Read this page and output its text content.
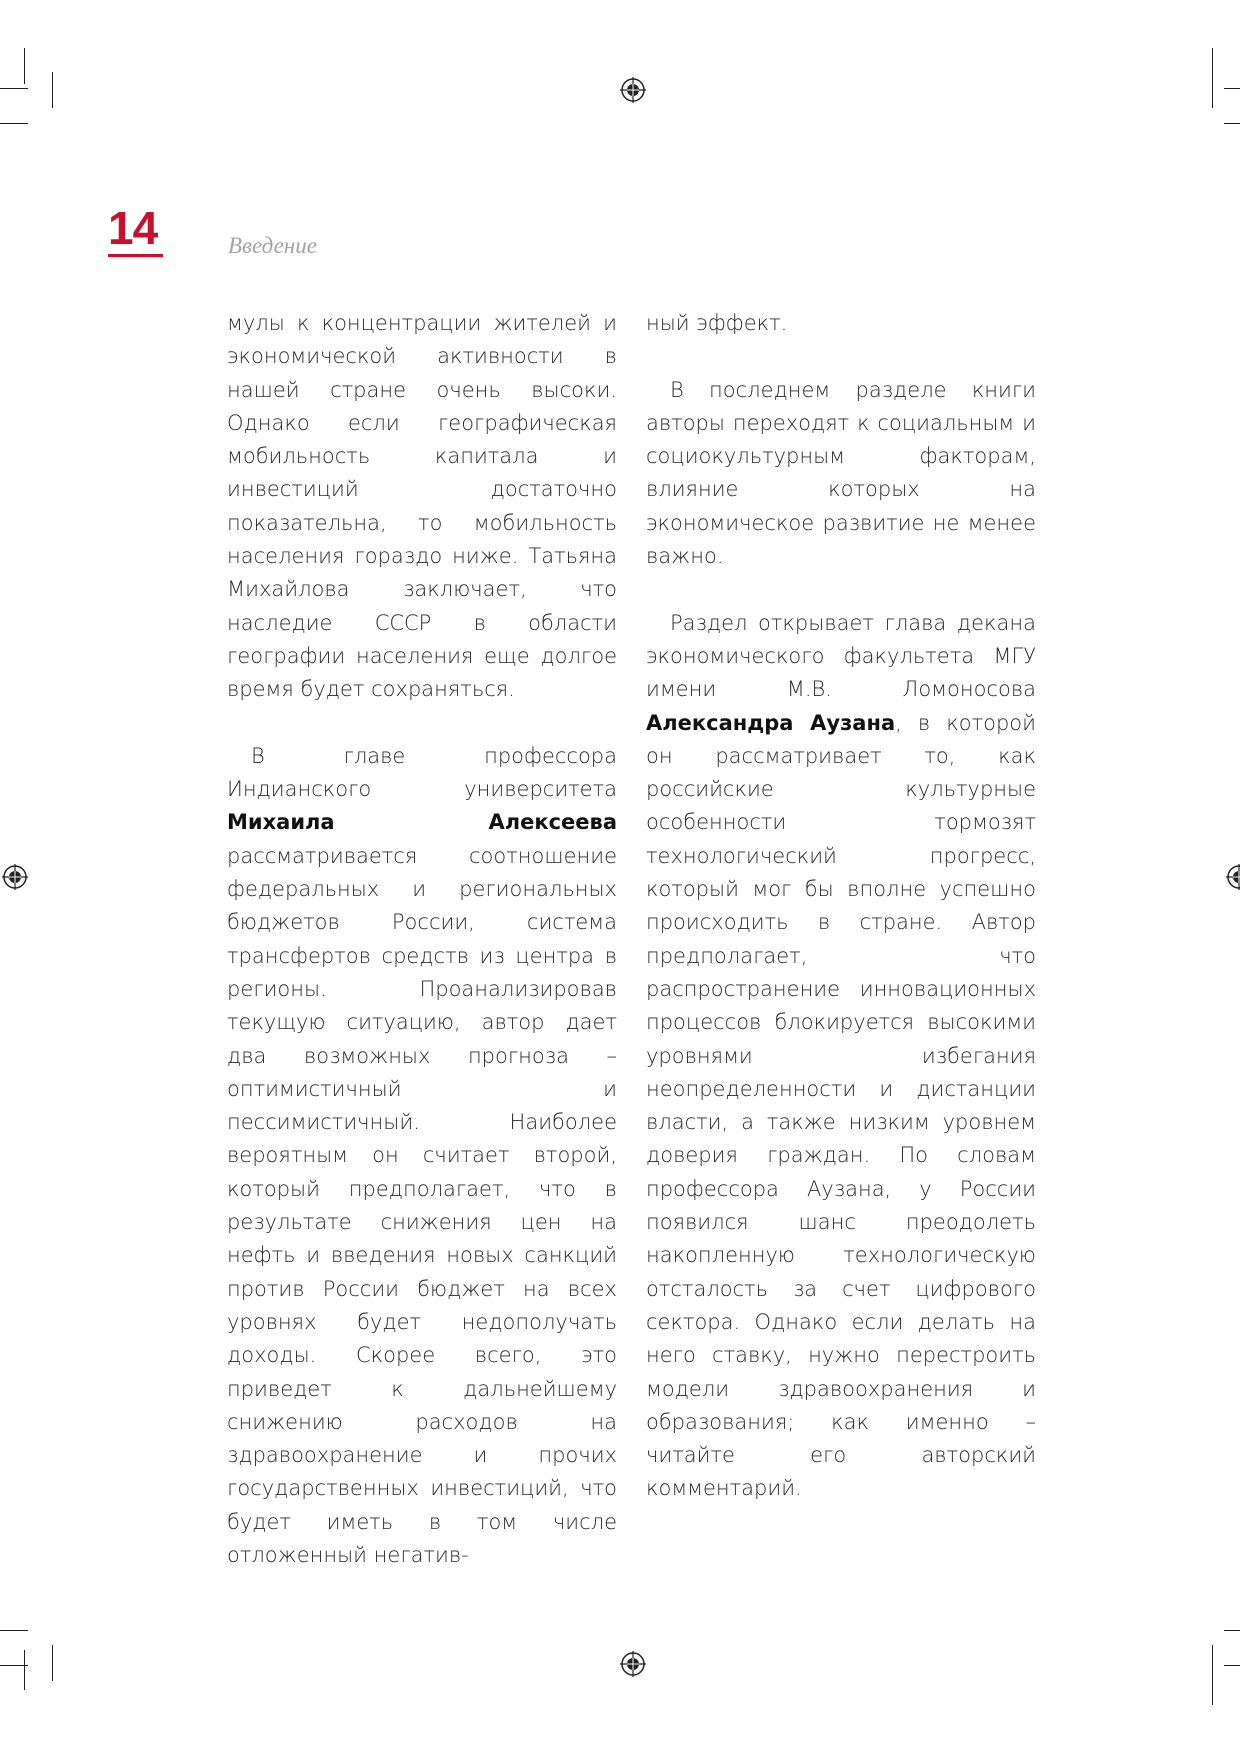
14	Введение

мулы к концентрации жителей и экономической активности в нашей стране очень высоки. Однако если географическая мобильность капитала и инвестиций достаточно показательна, то мобильность населения гораздо ниже. Татьяна Михайлова заключает, что наследие СССР в области географии населения еще долгое время будет сохраняться.

В главе профессора Индианского университета Михаила Алексеева рассматривается соотношение федеральных и региональных бюджетов России, система трансфертов средств из центра в регионы. Проанализировав текущую ситуацию, автор дает два возможных прогноза – оптимистичный и пессимистичный. Наиболее вероятным он считает второй, который предполагает, что в результате снижения цен на нефть и введения новых санкций против России бюджет на всех уровнях будет недополучать доходы. Скорее всего, это приведет к дальнейшему снижению расходов на здравоохранение и прочих государственных инвестиций, что будет иметь в том числе отложенный негатив-

ный эффект.

В последнем разделе книги авторы переходят к социальным и социокультурным факторам, влияние которых на экономическое развитие не менее важно.

Раздел открывает глава декана экономического факультета МГУ имени М.В. Ломоносова Александра Аузана, в которой он рассматривает то, как российские культурные особенности тормозят технологический прогресс, который мог бы вполне успешно происходить в стране. Автор предполагает, что распространение инновационных процессов блокируется высокими уровнями избегания неопределенности и дистанции власти, а также низким уровнем доверия граждан. По словам профессора Аузана, у России появился шанс преодолеть накопленную технологическую отсталость за счет цифрового сектора. Однако если делать на него ставку, нужно перестроить модели здравоохранения и образования; как именно – читайте его авторский комментарий.
